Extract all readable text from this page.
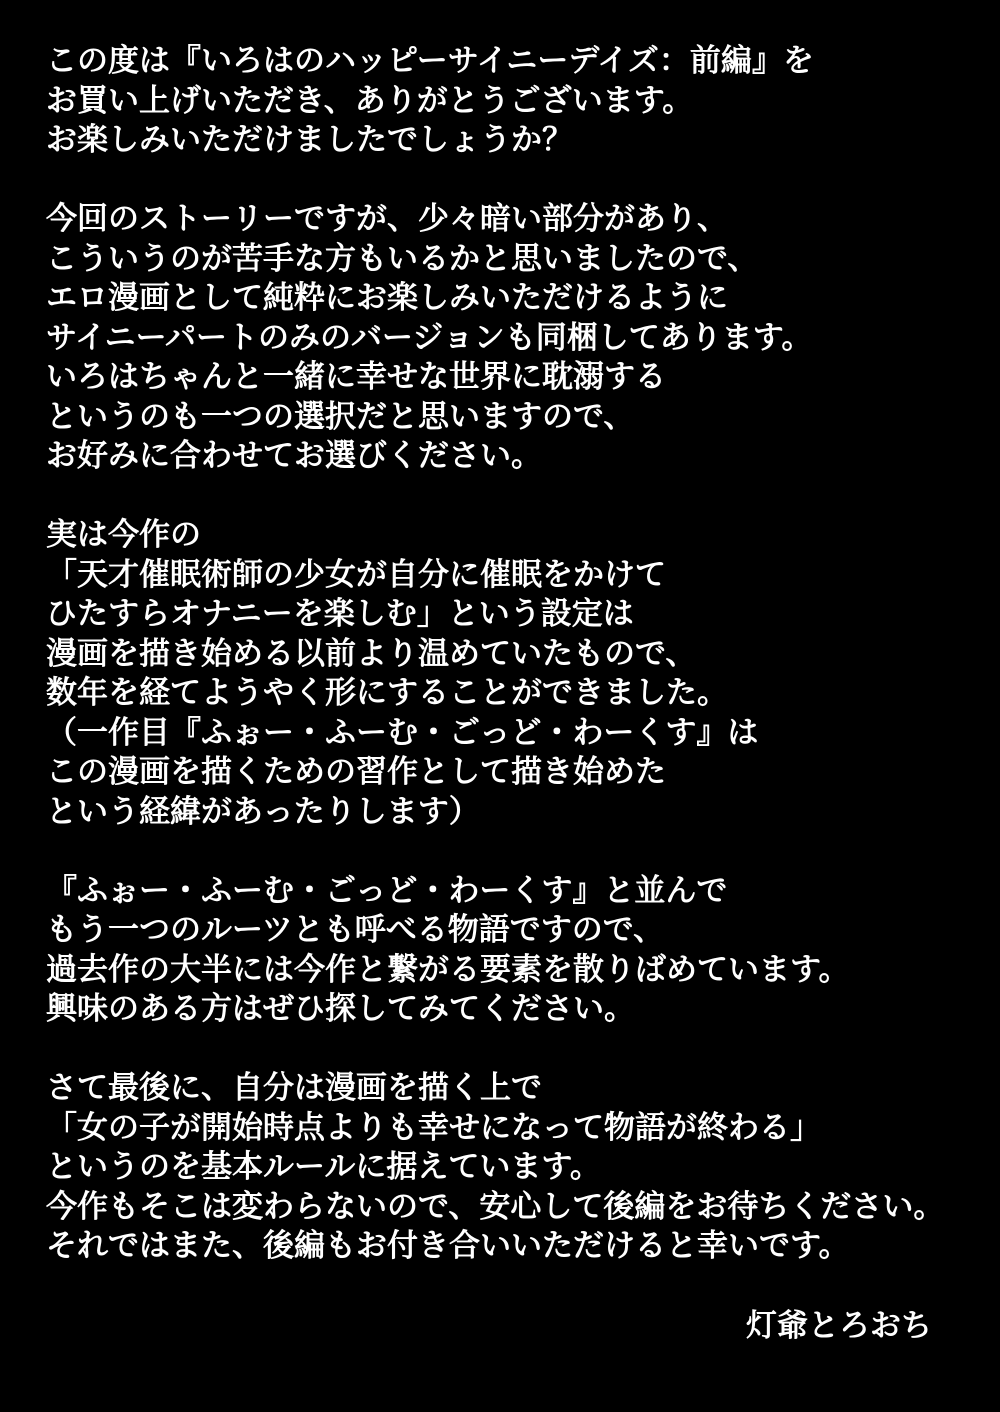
この度は『いろはのハッピーサイニーデイズ：前編』を
お買い上げいただき、ありがとうございます。
お楽しみいただけましたでしょうか？
今回のストーリーですが、少々暗い部分があり、
こういうのが苦手な方もいるかと思いましたので、
エロ漫画として純粋にお楽しみいただけるように
サイニーパートのみのバージョンも同梱してあります。
いろはちゃんと一緒に幸せな世界に耽溺する
というのも一つの選択だと思いますので、
お好みに合わせてお選びください。
実は今作の
「天才催眠術師の少女が自分に催眠をかけて
ひたすらオナニーを楽しむ」という設定は
漫画を描き始める以前より温めていたもので、
数年を経てようやく形にすることができました。
（一作目『ふぉー・ふーむ・ごっど・わーくす』は
この漫画を描くための習作として描き始めた
という経緯があったりします）
『ふぉー・ふーむ・ごっど・わーくす』と並んで
もう一つのルーツとも呼べる物語ですので、
過去作の大半には今作と繋がる要素を散りばめています。
興味のある方はぜひ探してみてください。
さて最後に、自分は漫画を描く上で
「女の子が開始時点よりも幸せになって物語が終わる」
というのを基本ルールに据えています。
今作もそこは変わらないので、安心して後編をお待ちください。
それではまた、後編もお付き合いいただけると幸いです。
灯爺とろおち
